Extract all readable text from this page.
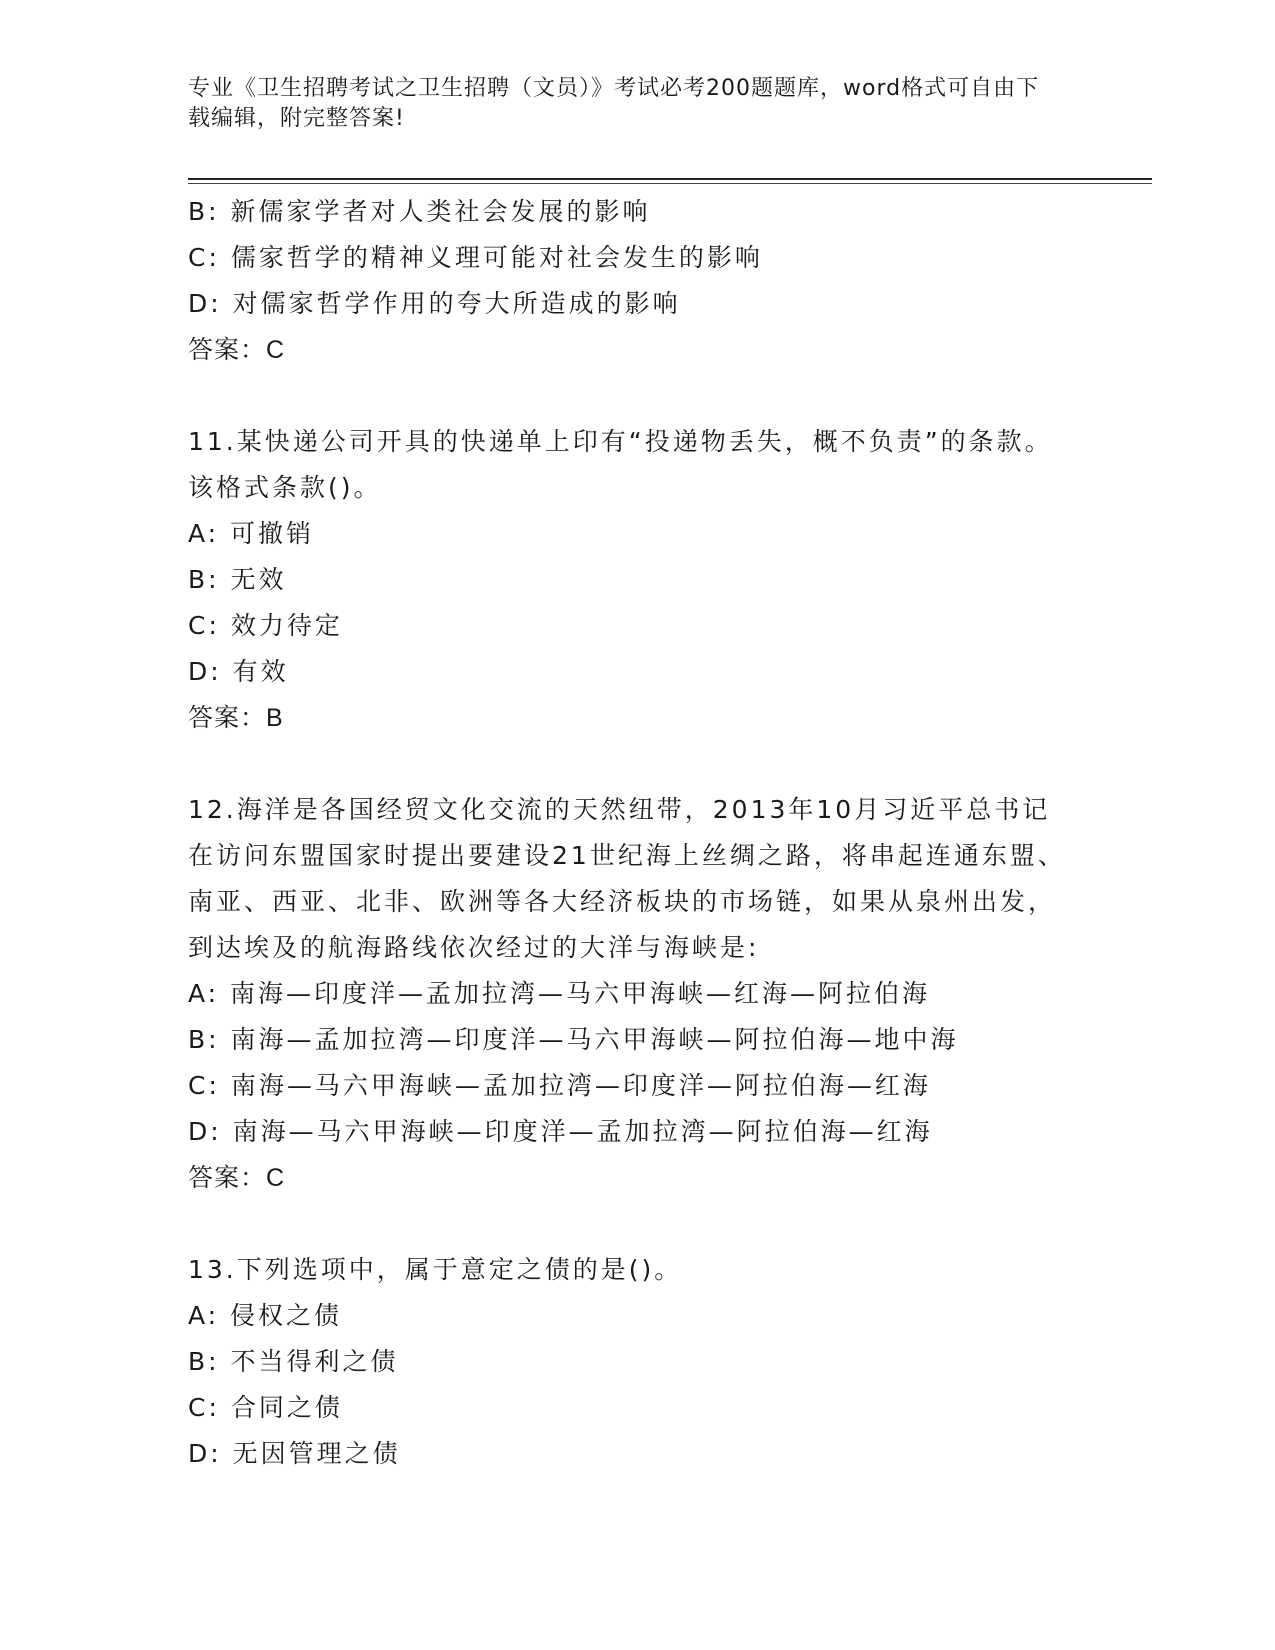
专业《卫生招聘考试之卫生招聘（文员）》考试必考200题题库，word格式可自由下载编辑，附完整答案!
B: 新儒家学者对人类社会发展的影响
C: 儒家哲学的精神义理可能对社会发生的影响
D: 对儒家哲学作用的夸大所造成的影响
答案：C
11.某快递公司开具的快递单上印有“投递物丢失，概不负责”的条款。该格式条款()。
A: 可撤销
B: 无效
C: 效力待定
D: 有效
答案：B
12.海洋是各国经贸文化交流的天然纽带，2013年10月习近平总书记在访问东盟国家时提出要建设21世纪海上丝绸之路，将串起连通东盟、南亚、西亚、北非、欧洲等各大经济板块的市场链，如果从泉州出发，到达埃及的航海路线依次经过的大洋与海峡是:
A: 南海—印度洋—孟加拉湾—马六甲海峡—红海—阿拉伯海
B: 南海—孟加拉湾—印度洋—马六甲海峡—阿拉伯海—地中海
C: 南海—马六甲海峡—孟加拉湾—印度洋—阿拉伯海—红海
D: 南海—马六甲海峡—印度洋—孟加拉湾—阿拉伯海—红海
答案：C
13.下列选项中，属于意定之债的是()。
A: 侵权之债
B: 不当得利之债
C: 合同之债
D: 无因管理之债
